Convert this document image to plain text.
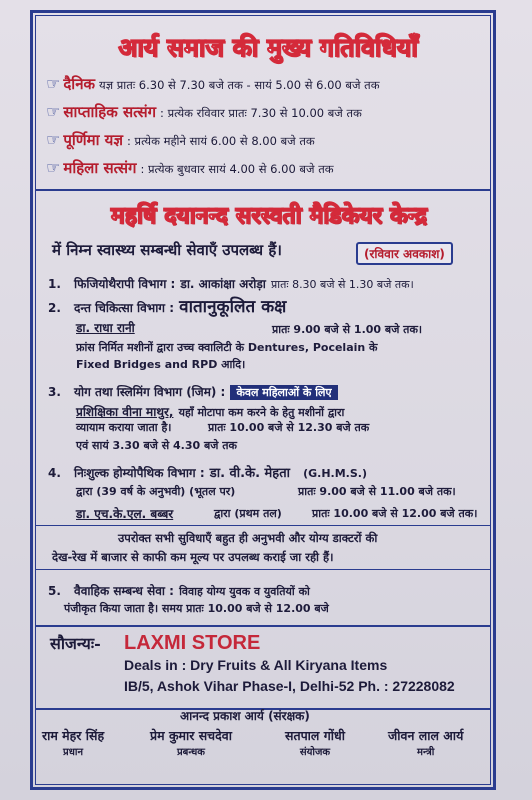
आर्य समाज की मुख्य गतिविधियाँ
☞ दैनिक यज्ञ प्रातः 6.30 से 7.30 बजे तक - सायं 5.00 से 6.00 बजे तक
☞ साप्ताहिक सत्संग : प्रत्येक रविवार प्रातः 7.30 से 10.00 बजे तक
☞ पूर्णिमा यज्ञ : प्रत्येक महीने सायं 6.00 से 8.00 बजे तक
☞ महिला सत्संग : प्रत्येक बुधवार सायं 4.00 से 6.00 बजे तक
महर्षि दयानन्द सरस्वती मैडिकेयर केन्द्र
में निम्न स्वास्थ्य सम्बन्धी सेवाएँ उपलब्ध हैं।	(रविवार अवकाश)
1. फिजियोथैरापी विभाग : डा. आकांक्षा अरोड़ा प्रातः 8.30 बजे से 1.30 बजे तक।
2. दन्त चिकित्सा विभाग : वातानुकूलित कक्ष
डा. राधा रानी	प्रातः 9.00 बजे से 1.00 बजे तक।
फ्रांस निर्मित मशीनों द्वारा उच्च क्वालिटी के Dentures, Pocelain के
Fixed Bridges and RPD आदि।
3. योग तथा स्लिमिंग विभाग (जिम) : केवल महिलाओं के लिए
प्रशिक्षिका वीना माथुर, यहाँ मोटापा कम करने के हेतु मशीनों द्वारा
व्यायाम कराया जाता है।	प्रातः 10.00 बजे से 12.30 बजे तक
एवं सायं 3.30 बजे से 4.30 बजे तक
4. निःशुल्क होम्योपैथिक विभाग : डा. वी.के. मेहता (G.H.M.S.)
द्वारा (39 वर्ष के अनुभवी) (भूतल पर)	प्रातः 9.00 बजे से 11.00 बजे तक।
डा. एच.के.एल. बब्बर	द्वारा (प्रथम तल)	प्रातः 10.00 बजे से 12.00 बजे तक।
उपरोक्त सभी सुविधाएँ बहुत ही अनुभवी और योग्य डाक्टरों की
देख-रेख में बाजार से काफी कम मूल्य पर उपलब्ध कराई जा रही हैं।
5. वैवाहिक सम्बन्ध सेवा : विवाह योग्य युवक व युवतियों को
पंजीकृत किया जाता है। समय प्रातः 10.00 बजे से 12.00 बजे
सौजन्यः- LAXMI STORE
Deals in : Dry Fruits & All Kiryana Items
IB/5, Ashok Vihar Phase-I, Delhi-52 Ph. : 27228082
आनन्द प्रकाश आर्य (संरक्षक)
राम मेहर सिंह
प्रधान
प्रेम कुमार सचदेवा
प्रबन्धक
सतपाल गोंधी
संयोजक
जीवन लाल आर्य
मन्त्री
